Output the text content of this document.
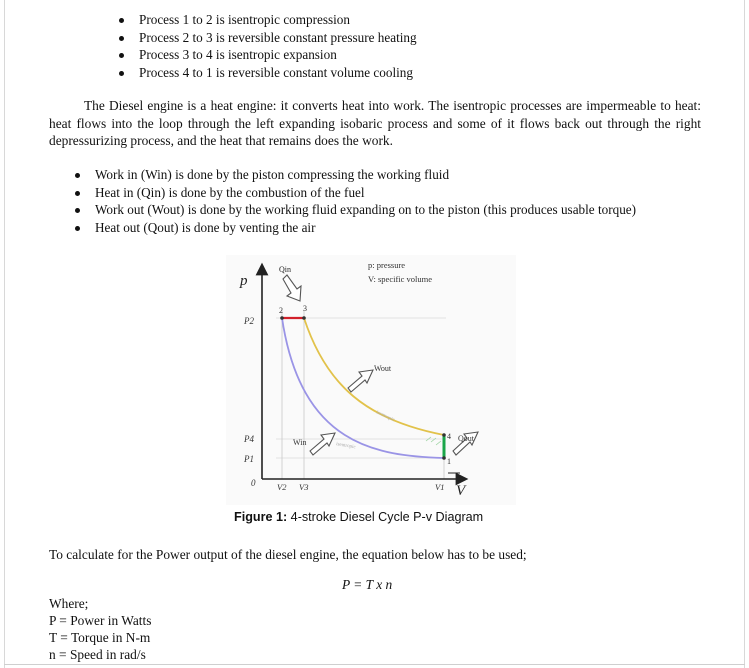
Process 1 to 2 is isentropic compression
Process 2 to 3 is reversible constant pressure heating
Process 3 to 4 is isentropic expansion
Process 4 to 1 is reversible constant volume cooling
The Diesel engine is a heat engine: it converts heat into work. The isentropic processes are impermeable to heat: heat flows into the loop through the left expanding isobaric process and some of it flows back out through the right depressurizing process, and the heat that remains does the work.
Work in (Win) is done by the piston compressing the working fluid
Heat in (Qin) is done by the combustion of the fuel
Work out (Wout) is done by the working fluid expanding on to the piston (this produces usable torque)
Heat out (Qout) is done by venting the air
p
Qin	p: pressure
V: specific volume
P2
2	3
Wout
isentropic
isentropic
P4
P1
Win
4
1
Qout
0	V2 V3	V1 V
Figure 1: 4-stroke Diesel Cycle P-v Diagram
To calculate for the Power output of the diesel engine, the equation below has to be used;
P = T x n
Where;
P = Power in Watts
T = Torque in N-m
n = Speed in rad/s
